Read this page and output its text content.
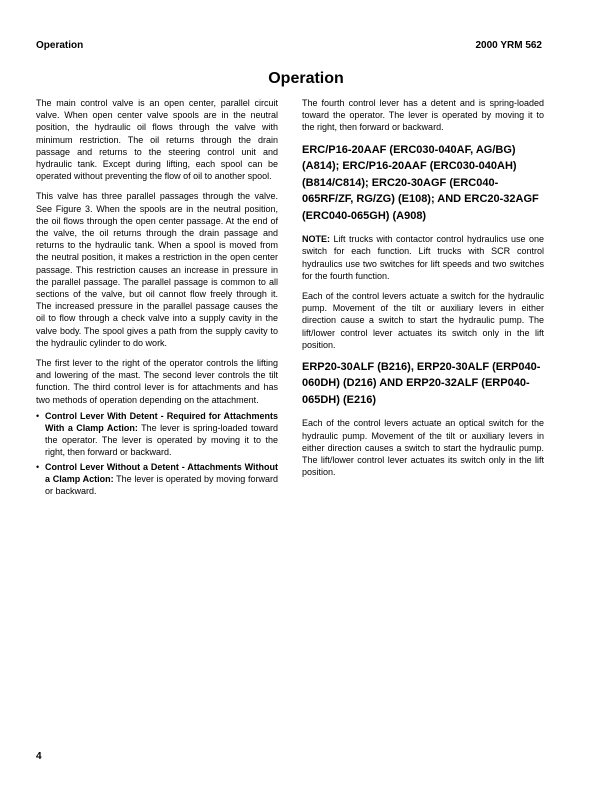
Operation	2000 YRM 562
Operation

The main control valve is an open center, parallel circuit valve. When open center valve spools are in the neutral position, the hydraulic oil flows through the valve with minimum restriction. The oil returns through the drain passage and returns to the steering control unit and hydraulic tank. Except during lifting, each spool can be operated without preventing the flow of oil to another spool.

This valve has three parallel passages through the valve. See Figure 3. When the spools are in the neutral position, the oil flows through the open center passage. At the end of the valve, the oil returns through the drain passage and returns to the hydraulic tank. When a spool is moved from the neutral position, it makes a restriction in the open center passage. This restriction causes an increase in pressure in the parallel passage. The parallel passage is common to all sections of the valve, but oil cannot flow freely through it. The increased pressure in the parallel passage causes the oil to flow through a check valve into a supply cavity in the valve body. The spool gives a path from the supply cavity to the hydraulic cylinder to do work.

The first lever to the right of the operator controls the lifting and lowering of the mast. The second lever controls the tilt function. The third control lever is for attachments and has two methods of operation depending on the attachment.

• Control Lever With Detent - Required for Attachments With a Clamp Action: The lever is spring-loaded toward the operator. The lever is operated by moving it to the right, then forward or backward.
• Control Lever Without a Detent - Attachments Without a Clamp Action: The lever is operated by moving forward or backward.

The fourth control lever has a detent and is spring-loaded toward the operator. The lever is operated by moving it to the right, then forward or backward.

ERC/P16-20AAF (ERC030-040AF, AG/BG) (A814); ERC/P16-20AAF (ERC030-040AH) (B814/C814); ERC20-30AGF (ERC040-065RF/ZF, RG/ZG) (E108); AND ERC20-32AGF (ERC040-065GH) (A908)

NOTE: Lift trucks with contactor control hydraulics use one switch for each function. Lift trucks with SCR control hydraulics use two switches for lift speeds and two switches for the fourth function.

Each of the control levers actuate a switch for the hydraulic pump. Movement of the tilt or auxiliary levers in either direction cause a switch to start the hydraulic pump. The lift/lower control lever actuates its switch only in the lift position.

ERP20-30ALF (B216), ERP20-30ALF (ERP040-060DH) (D216) AND ERP20-32ALF (ERP040-065DH) (E216)

Each of the control levers actuate an optical switch for the hydraulic pump. Movement of the tilt or auxiliary levers in either direction causes a switch to start the hydraulic pump. The lift/lower control lever actuates its switch only in the lift position.

4
